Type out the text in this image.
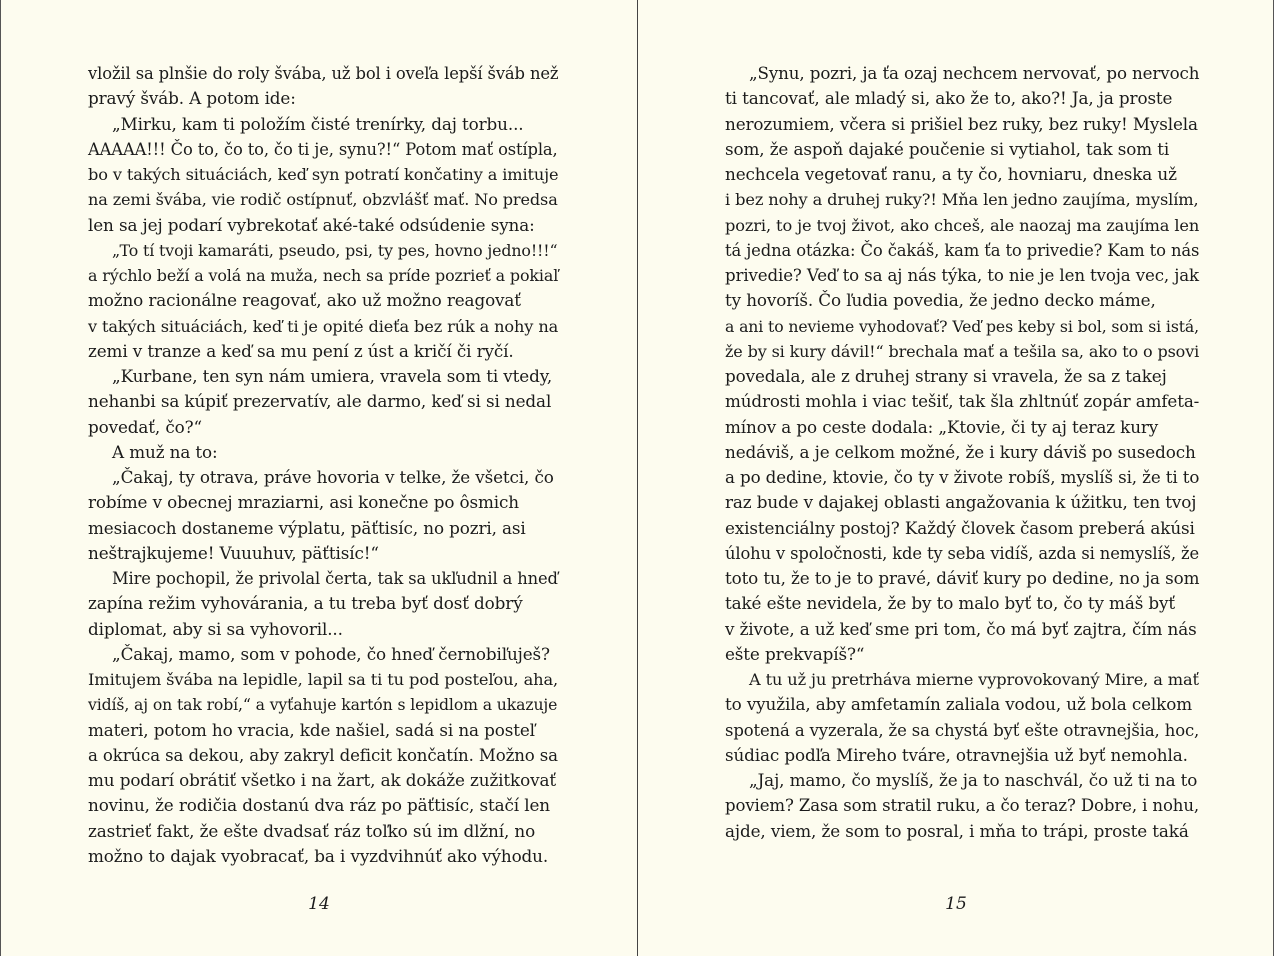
vložil sa plnšie do roly švába, už bol i oveľa lepší šváb než
pravý šváb. A potom ide:
„Mirku, kam ti položím čisté trenírky, daj torbu...
AAAAA!!! Čo to, čo to, čo ti je, synu?!“ Potom mať ostípla,
bo v takých situáciách, keď syn potratí končatiny a imituje
na zemi švába, vie rodič ostípnuť, obzvlášť mať. No predsa
len sa jej podarí vybrekotať aké-také odsúdenie syna:
„To tí tvoji kamaráti, pseudo, psi, ty pes, hovno jedno!!!“
a rýchlo beží a volá na muža, nech sa príde pozrieť a pokiaľ
možno racionálne reagovať, ako už možno reagovať
v takých situáciách, keď ti je opité dieťa bez rúk a nohy na
zemi v tranze a keď sa mu pení z úst a kričí či ryčí.
„Kurbane, ten syn nám umiera, vravela som ti vtedy,
nehanbi sa kúpiť prezervatív, ale darmo, keď si si nedal
povedať, čo?“
A muž na to:
„Čakaj, ty otrava, práve hovoria v telke, že všetci, čo
robíme v obecnej mraziarni, asi konečne po ôsmich
mesiacoch dostaneme výplatu, päťtisíc, no pozri, asi
neštrajkujeme! Vuuuhuv, päťtisíc!“
Mire pochopil, že privolal čerta, tak sa ukľudnil a hneď
zapína režim vyhovárania, a tu treba byť dosť dobrý
diplomat, aby si sa vyhovoril...
„Čakaj, mamo, som v pohode, čo hneď černobiľuješ?
Imitujem švába na lepidle, lapil sa ti tu pod posteľou, aha,
vidíš, aj on tak robí,“ a vyťahuje kartón s lepidlom a ukazuje
materi, potom ho vracia, kde našiel, sadá si na posteľ
a okrúca sa dekou, aby zakryl deficit končatín. Možno sa
mu podarí obrátiť všetko i na žart, ak dokáže zužitkovať
novinu, že rodičia dostanú dva ráz po päťtisíc, stačí len
zastrieť fakt, že ešte dvadsať ráz toľko sú im dlžní, no
možno to dajak vyobracať, ba i vyzdvihnúť ako výhodu.
14
„Synu, pozri, ja ťa ozaj nechcem nervovať, po nervoch
ti tancovať, ale mladý si, ako že to, ako?! Ja, ja proste
nerozumiem, včera si prišiel bez ruky, bez ruky! Myslela
som, že aspoň dajaké poučenie si vytiahol, tak som ti
nechcela vegetovať ranu, a ty čo, hovniaru, dneska už
i bez nohy a druhej ruky?! Mňa len jedno zaujíma, myslím,
pozri, to je tvoj život, ako chceš, ale naozaj ma zaujíma len
tá jedna otázka: Čo čakáš, kam ťa to privedie? Kam to nás
privedie? Veď to sa aj nás týka, to nie je len tvoja vec, jak
ty hovoríš. Čo ľudia povedia, že jedno decko máme,
a ani to nevieme vyhodovať? Veď pes keby si bol, som si istá,
že by si kury dávil!“ brechala mať a tešila sa, ako to o psovi
povedala, ale z druhej strany si vravela, že sa z takej
múdrosti mohla i viac tešiť, tak šla zhltnúť zopár amfeta-
mínov a po ceste dodala: „Ktovie, či ty aj teraz kury
nedáviš, a je celkom možné, že i kury dáviš po susedoch
a po dedine, ktovie, čo ty v živote robíš, myslíš si, že ti to
raz bude v dajakej oblasti angažovania k úžitku, ten tvoj
existenciálny postoj? Každý človek časom preberá akúsi
úlohu v spoločnosti, kde ty seba vidíš, azda si nemyslíš, že
toto tu, že to je to pravé, dáviť kury po dedine, no ja som
také ešte nevidela, že by to malo byť to, čo ty máš byť
v živote, a už keď sme pri tom, čo má byť zajtra, čím nás
ešte prekvapíš?“
A tu už ju pretrháva mierne vyprovokovaný Mire, a mať
to využila, aby amfetamín zaliala vodou, už bola celkom
spotená a vyzerala, že sa chystá byť ešte otravnejšia, hoc,
súdiac podľa Mireho tváre, otravnejšia už byť nemohla.
„Jaj, mamo, čo myslíš, že ja to naschvál, čo už ti na to
poviem? Zasa som stratil ruku, a čo teraz? Dobre, i nohu,
ajde, viem, že som to posral, i mňa to trápi, proste taká
15
